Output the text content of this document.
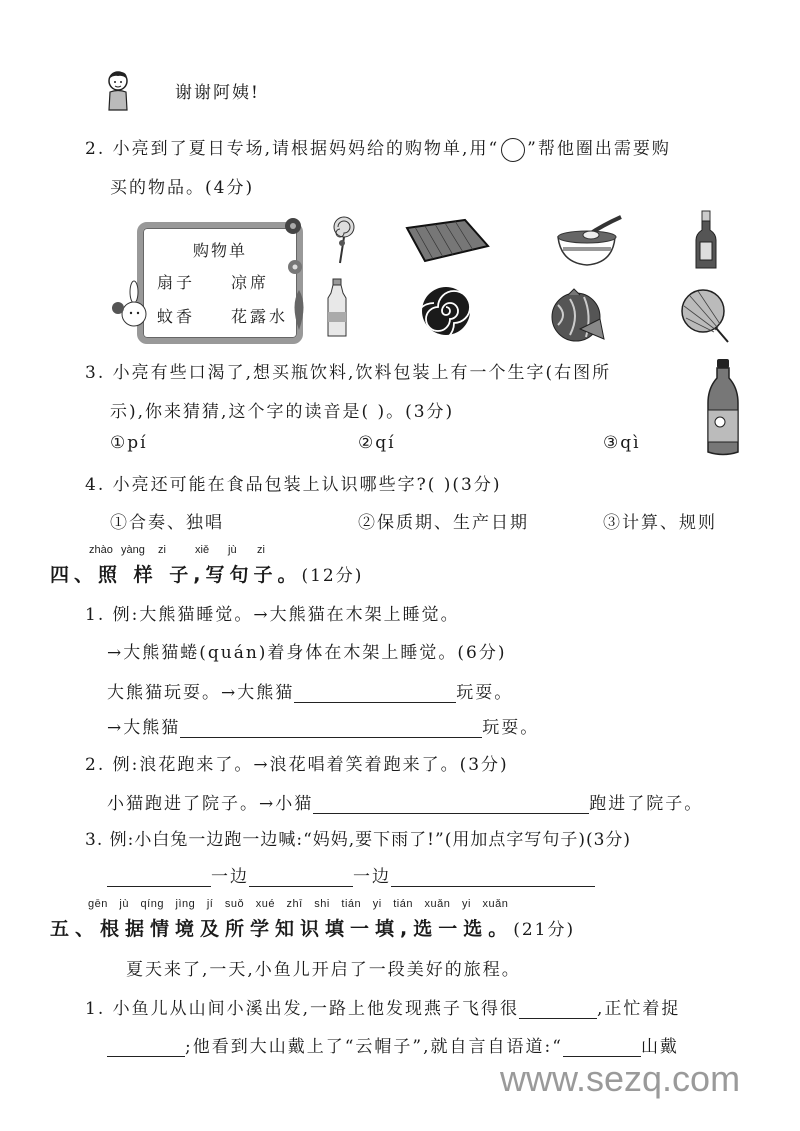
谢谢阿姨!
2. 小亮到了夏日专场,请根据妈妈给的购物单,用“ ”帮他圈出需要购
买的物品。(4分)
购物单
扇子 凉席
蚊香 花露水
3. 小亮有些口渴了,想买瓶饮料,饮料包装上有一个生字(右图所
示),你来猜猜,这个字的读音是( )。(3分)
①pí	②qí	③qì
4. 小亮还可能在食品包装上认识哪些字?( )(3分)
①合奏、独唱	②保质期、生产日期	③计算、规则
zhào yàng zi	xiě jù zi
四、照 样 子,写句子。(12分)
1. 例:大熊猫睡觉。→大熊猫在木架上睡觉。
→大熊猫蜷(quán)着身体在木架上睡觉。(6分)
大熊猫玩耍。→大熊猫	玩耍。
→大熊猫	玩耍。
2. 例:浪花跑来了。→浪花唱着笑着跑来了。(3分)
小猫跑进了院子。→小猫	跑进了院子。
3. 例:小白兔一边跑一边喊:“妈妈,要下雨了!”(用加点字写句子)(3分)
一边	一边
gēn jù qíng jìng jí suǒ xué zhī shi tián yi tián xuǎn yi xuǎn
五、根据情境及所学知识填一填,选一选。(21分)
夏天来了,一天,小鱼儿开启了一段美好的旅程。
1. 小鱼儿从山间小溪出发,一路上他发现燕子飞得很	,正忙着捉
;他看到大山戴上了“云帽子”,就自言自语道:“	山戴
www.sezq.com
